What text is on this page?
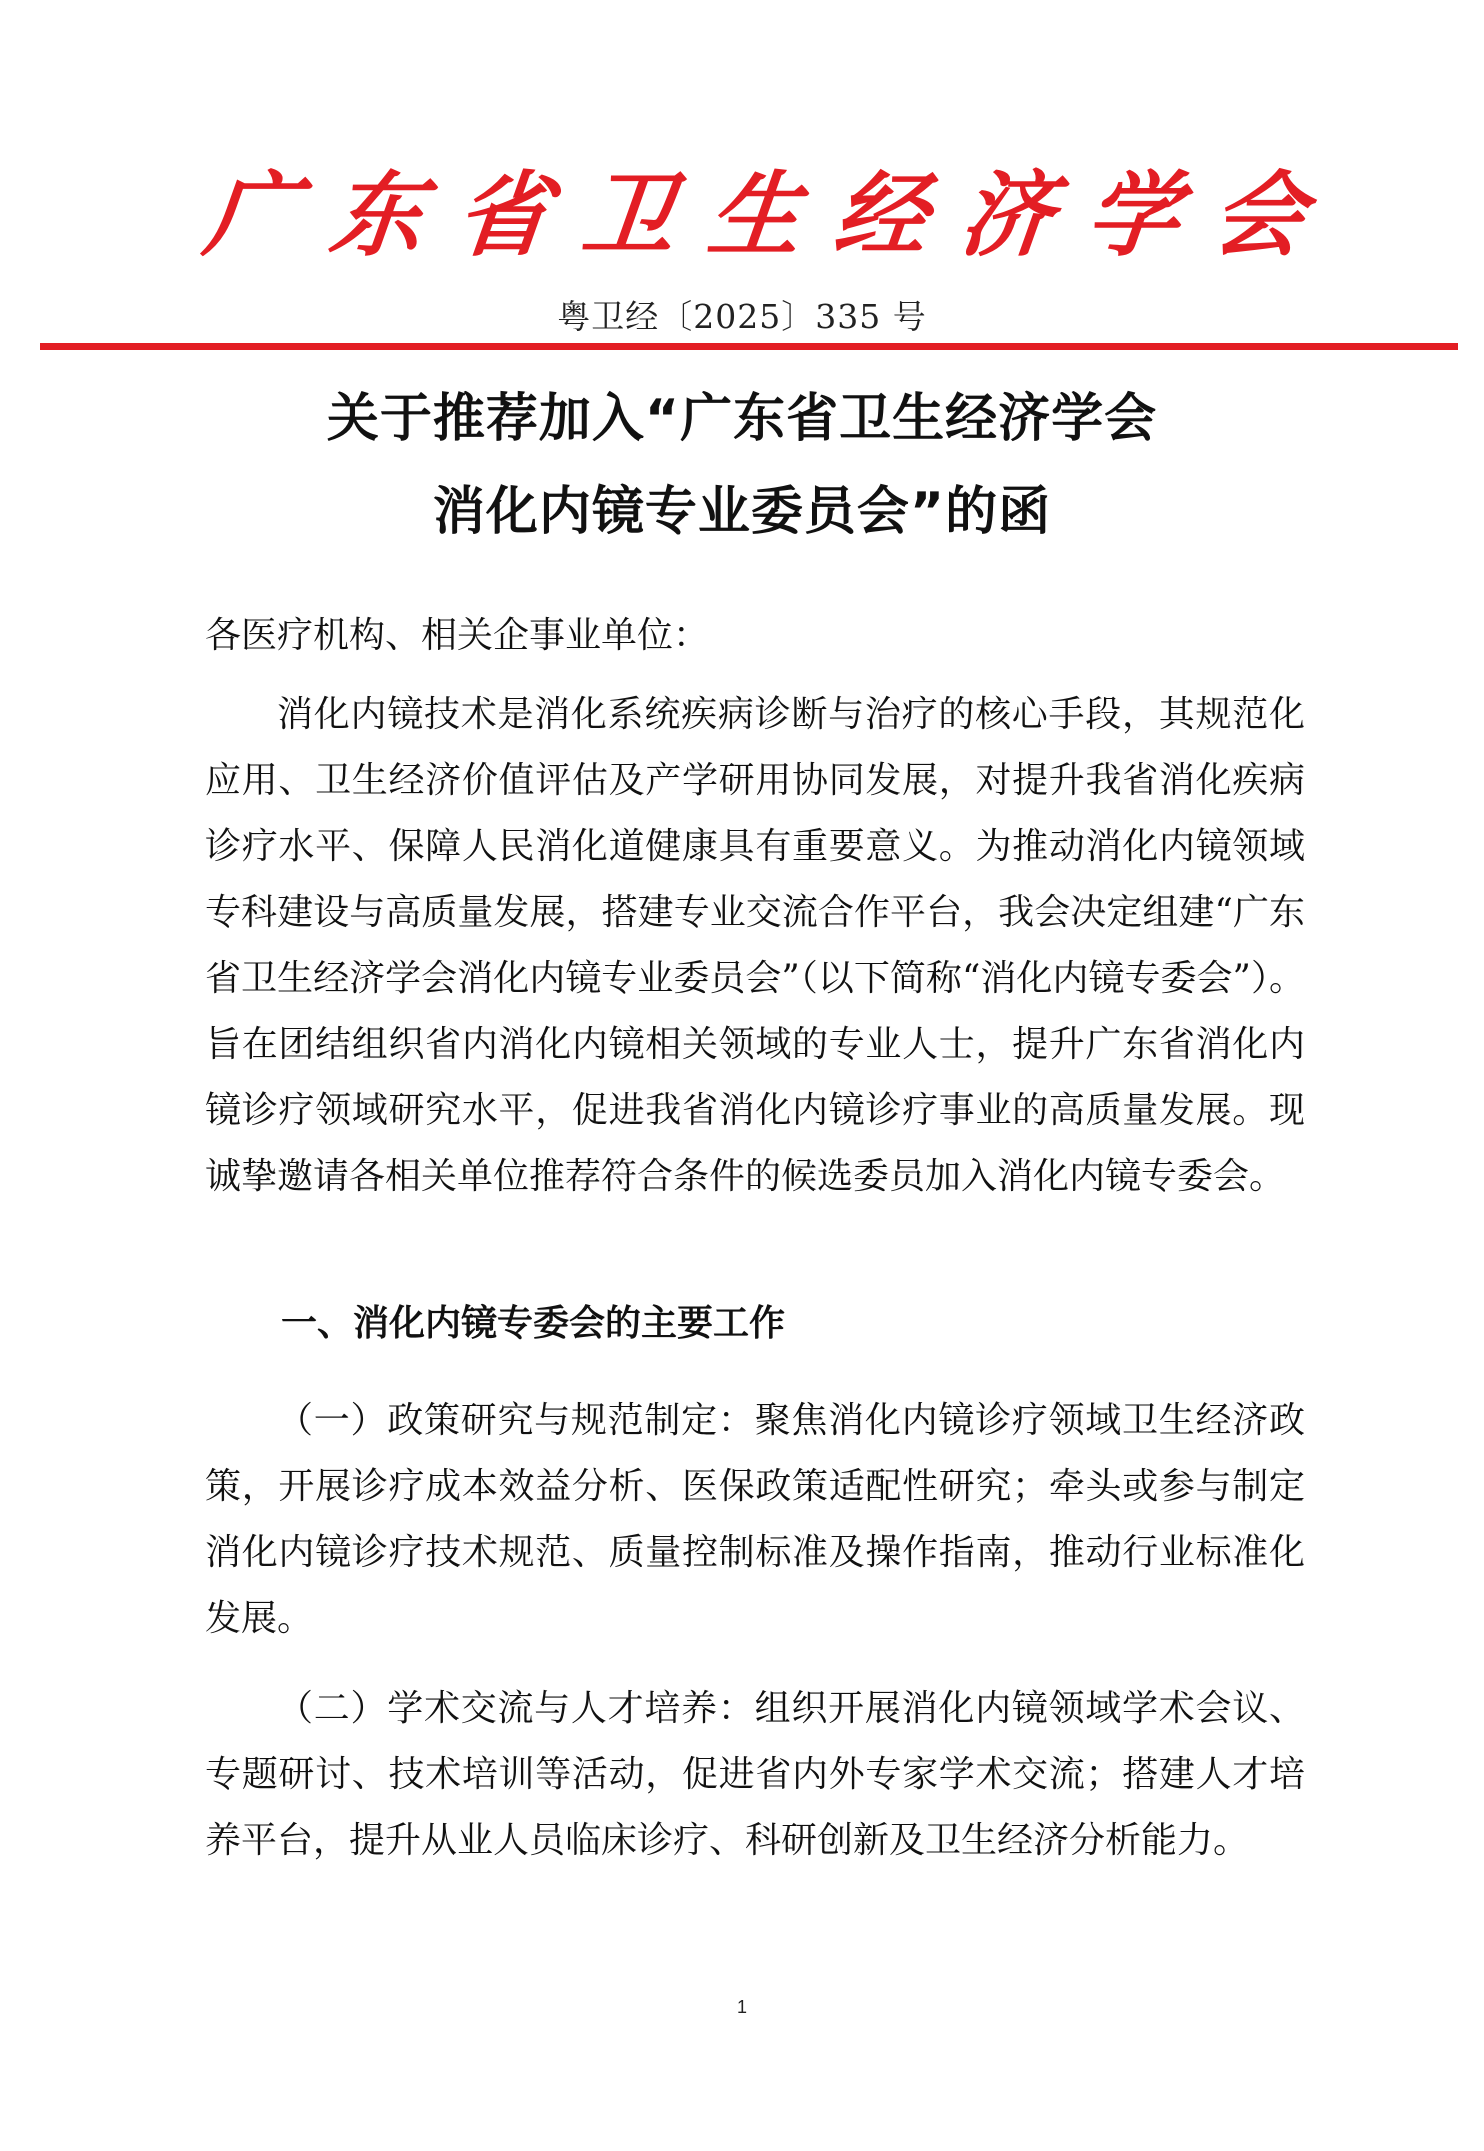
广 东 省 卫 生 经 济 学 会
粤卫经〔2025〕335 号
关于推荐加入“广东省卫生经济学会
消化内镜专业委员会”的函
各医疗机构、相关企事业单位：

消化内镜技术是消化系统疾病诊断与治疗的核心手段，其规范化应用、卫生经济价值评估及产学研用协同发展，对提升我省消化疾病诊疗水平、保障人民消化道健康具有重要意义。为推动消化内镜领域专科建设与高质量发展，搭建专业交流合作平台，我会决定组建“广东省卫生经济学会消化内镜专业委员会”（以下简称“消化内镜专委会”）。旨在团结组织省内消化内镜相关领域的专业人士，提升广东省消化内镜诊疗领域研究水平，促进我省消化内镜诊疗事业的高质量发展。现诚挚邀请各相关单位推荐符合条件的候选委员加入消化内镜专委会。

一、消化内镜专委会的主要工作

（一）政策研究与规范制定：聚焦消化内镜诊疗领域卫生经济政策，开展诊疗成本效益分析、医保政策适配性研究；牵头或参与制定消化内镜诊疗技术规范、质量控制标准及操作指南，推动行业标准化发展。

（二）学术交流与人才培养：组织开展消化内镜领域学术会议、专题研讨、技术培训等活动，促进省内外专家学术交流；搭建人才培养平台，提升从业人员临床诊疗、科研创新及卫生经济分析能力。

1
